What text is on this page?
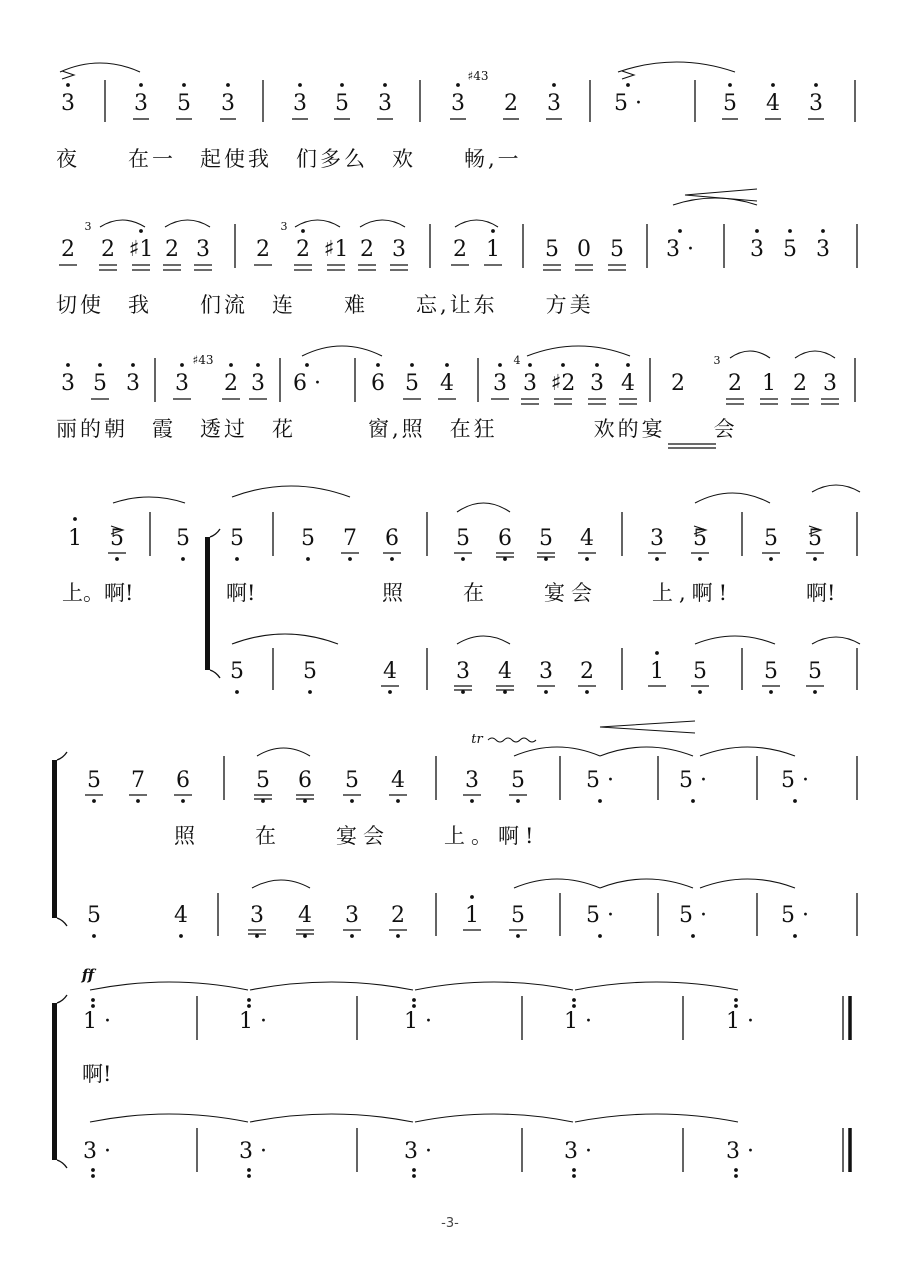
3	3 5 3	3 5 3	3 2 3 5 ·	5 4 3
♯43
2 2 ♯1 2 3 2 2 ♯1 2 3 2 1 5 0 5 3 ·	3 5 3
3	3
3 5 3 3 2 3 6 · 6 5 4 3 3 ♯2 3 4 2 2 1 2 3
♯43	4	3
1 5 5 5	5 7 6	5 6 5 4	3 5	5 5
5	5	4	3 4 3 2	1 5	5 5
5 7 6	5 6 5 4	3 5	5 ·	5 ·	5 ·
tr
5	4	3 4 3 2	1 5	5 ·	5 ·	5 ·
1 ·
3 ·
1 ·
3 ·
1 ·
3 ·
1 ·
3 ·
1 ·
3 ·
ff
夜　　在一　起使我　们多么　欢　　畅,一
切使　我　　们流　连　　难　　忘,让东　　方美
丽的朝　霞　透过　花　　　窗,照　在狂　　　　欢的宴　　会
上。啊!	啊!	照　　在　　宴会　　上,啊!	啊!
照　　在　　宴会　　上。啊!
啊!
-3-
